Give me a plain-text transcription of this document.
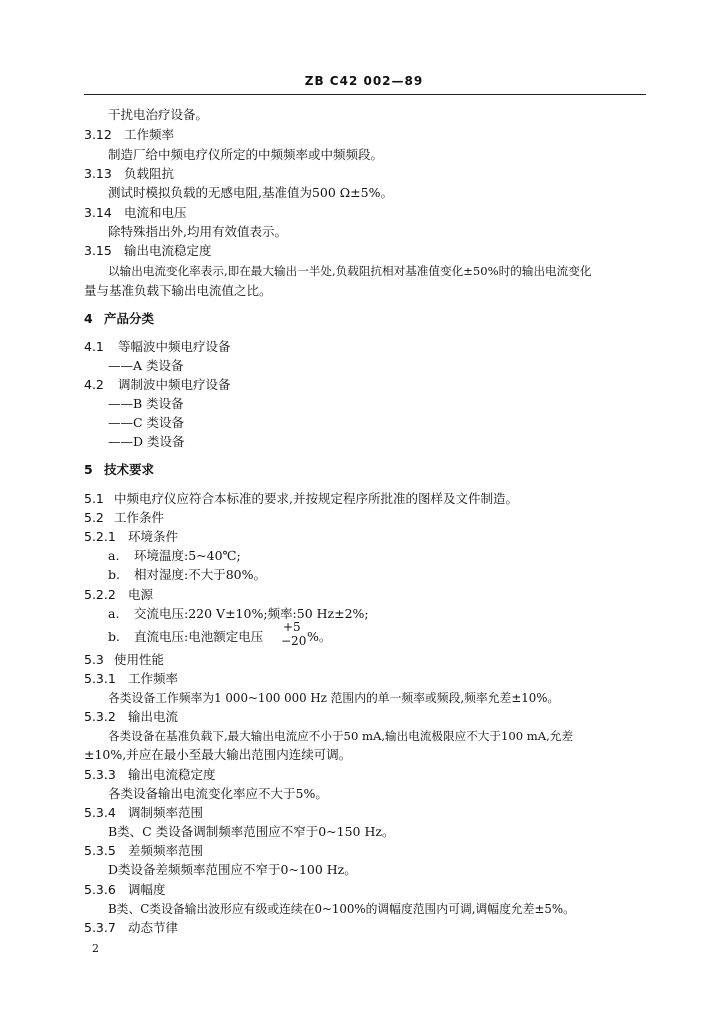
ZB C42 002—89
干扰电治疗设备。
3.12 工作频率
制造厂给中频电疗仪所定的中频频率或中频频段。
3.13 负载阻抗
测试时模拟负载的无感电阻,基准值为500 Ω±5%。
3.14 电流和电压
除特殊指出外,均用有效值表示。
3.15 输出电流稳定度
以输出电流变化率表示,即在最大输出一半处,负载阻抗相对基准值变化±50%时的输出电流变化
量与基准负载下输出电流值之比。
4 产品分类
4.1 等幅波中频电疗设备
——A 类设备
4.2 调制波中频电疗设备
——B 类设备
——C 类设备
——D 类设备
5 技术要求
5.1 中频电疗仪应符合本标准的要求,并按规定程序所批准的图样及文件制造。
5.2 工作条件
5.2.1 环境条件
a. 环境温度:5~40℃;
b. 相对湿度:不大于80%。
5.2.2 电源
a. 交流电压:220 V±10%;频率:50 Hz±2%;
b. 直流电压:电池额定电压
+5
−20 %。
5.3 使用性能
5.3.1 工作频率
各类设备工作频率为1 000~100 000 Hz 范围内的单一频率或频段,频率允差±10%。
5.3.2 输出电流
各类设备在基准负载下,最大输出电流应不小于50 mA,输出电流极限应不大于100 mA,允差
±10%,并应在最小至最大输出范围内连续可调。
5.3.3 输出电流稳定度
各类设备输出电流变化率应不大于5%。
5.3.4 调制频率范围
B类、C 类设备调制频率范围应不窄于0~150 Hz。
5.3.5 差频频率范围
D类设备差频频率范围应不窄于0~100 Hz。
5.3.6 调幅度
B类、C类设备输出波形应有级或连续在0~100%的调幅度范围内可调,调幅度允差±5%。
5.3.7 动态节律
2
